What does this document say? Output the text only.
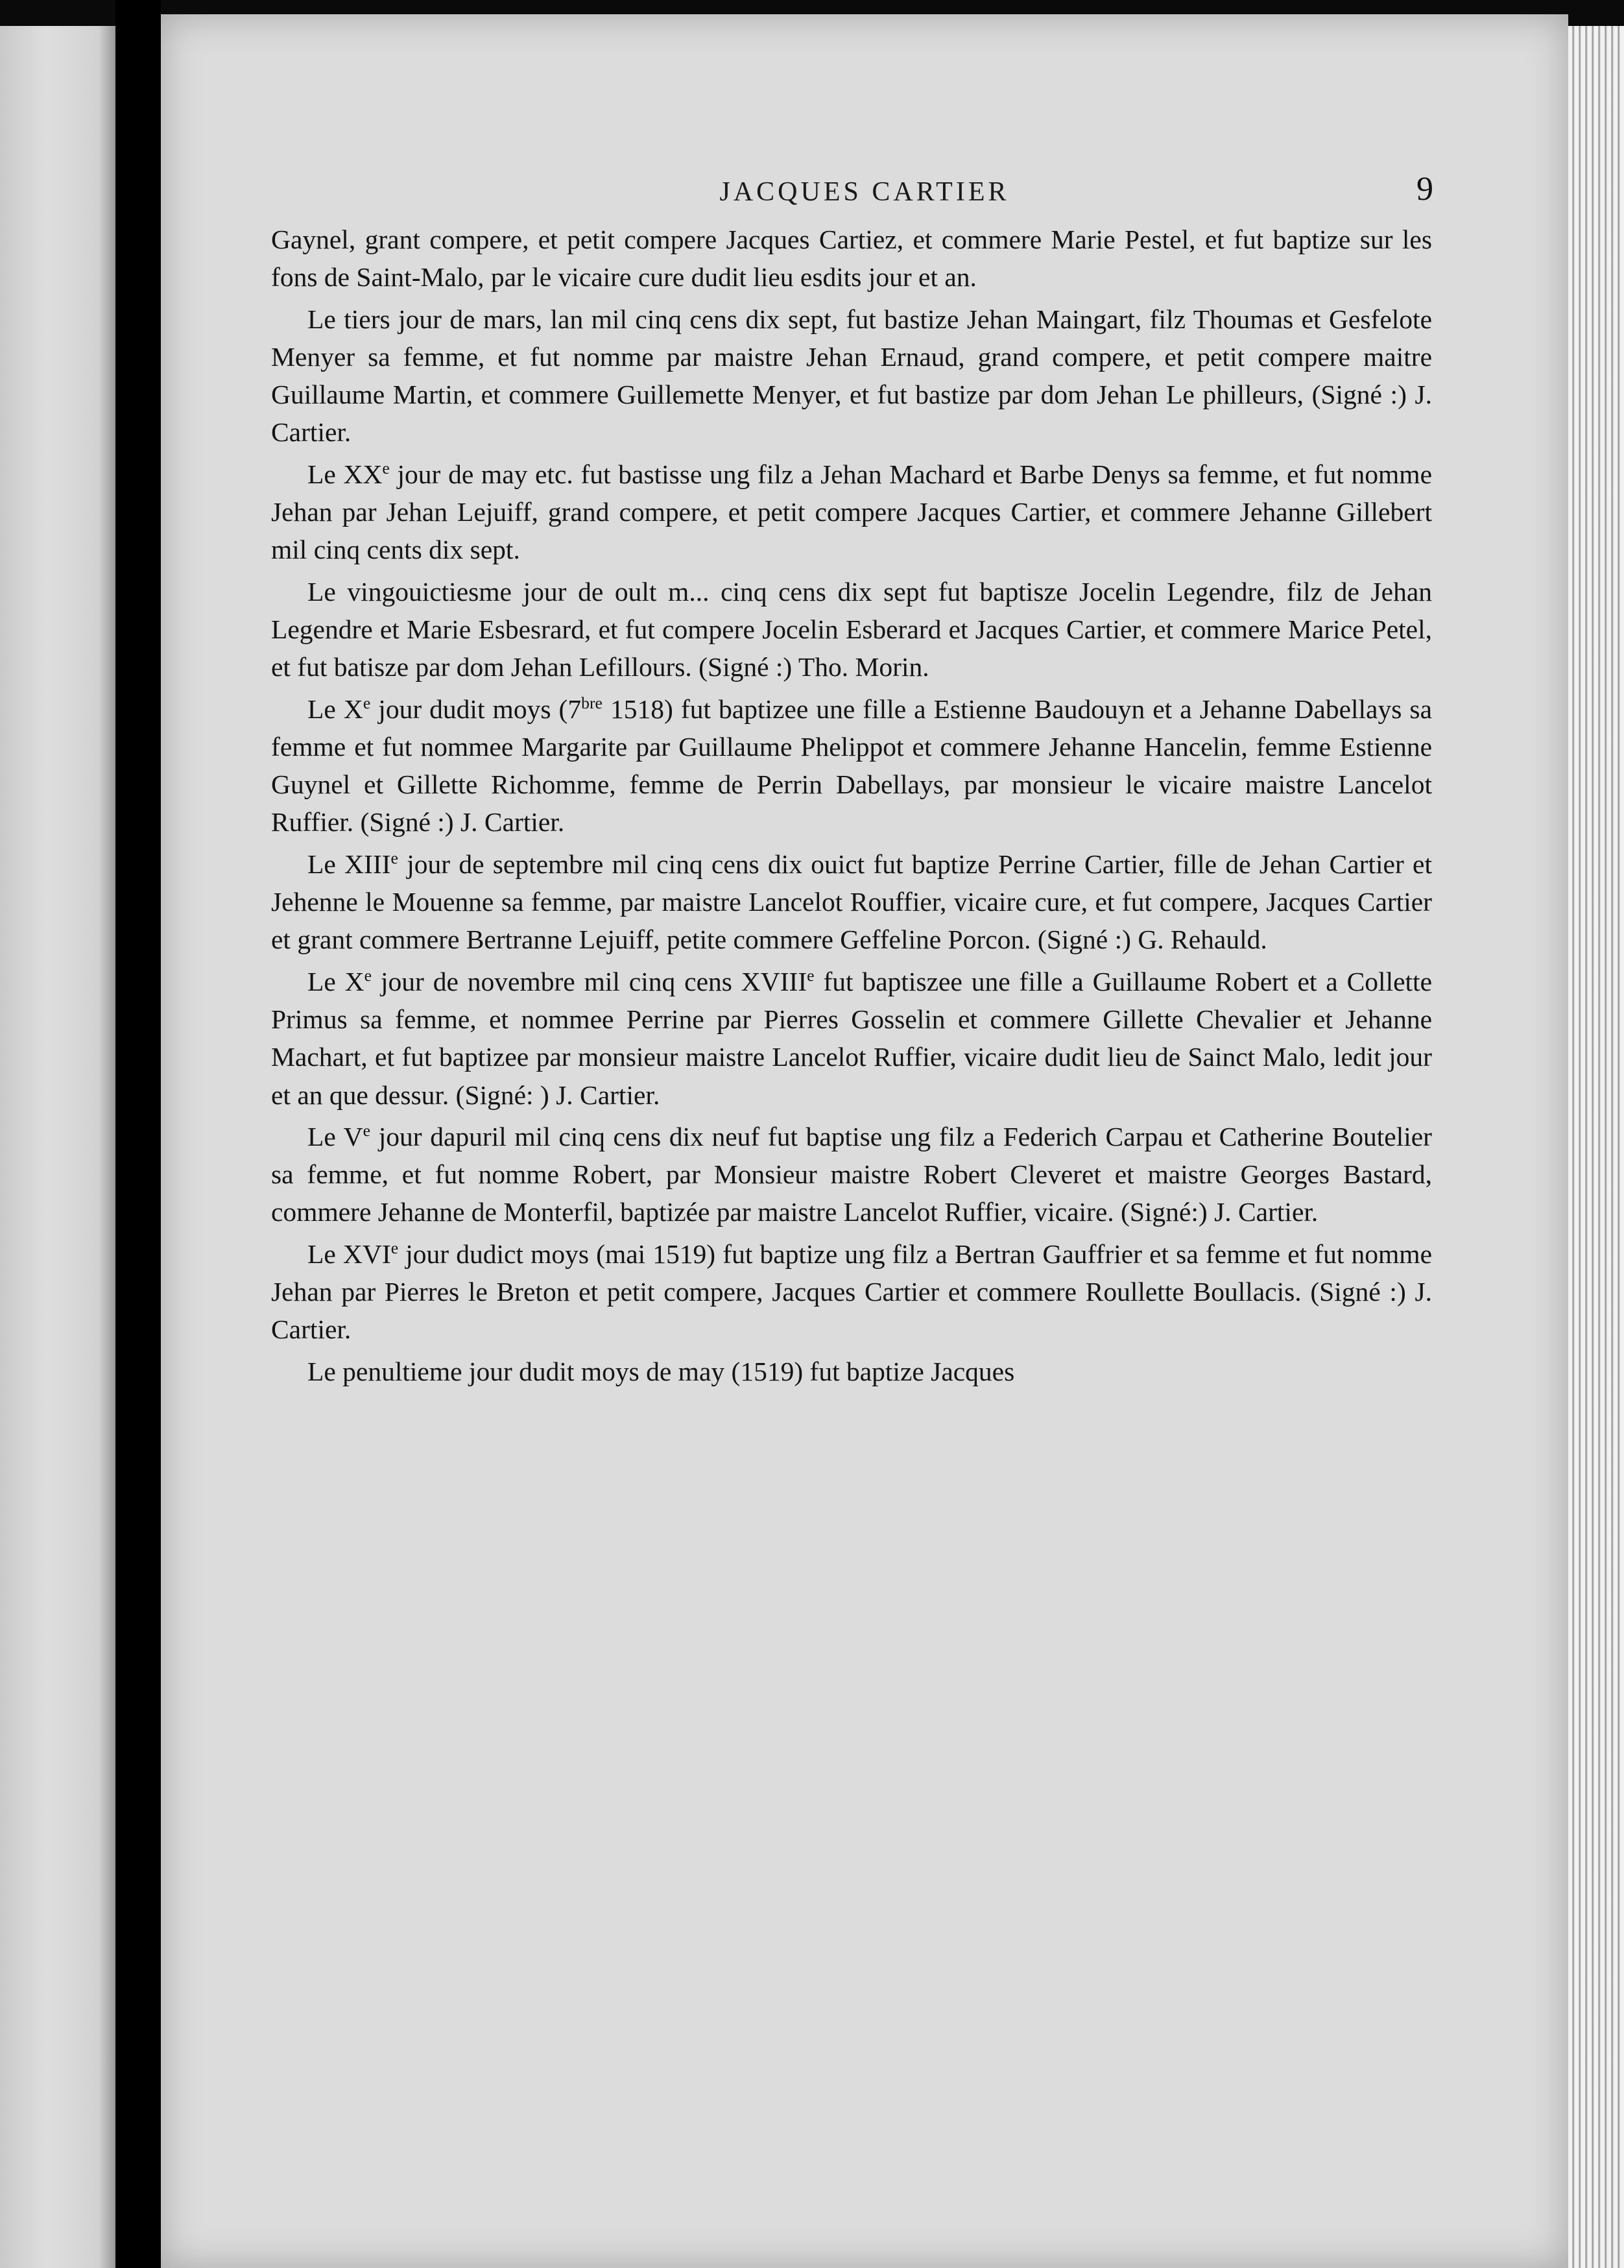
JACQUES CARTIER	9

Gaynel, grant compere, et petit compere Jacques Cartiez, et commere Marie Pestel, et fut baptize sur les fons de Saint-Malo, par le vicaire cure dudit lieu esdits jour et an.

Le tiers jour de mars, lan mil cinq cens dix sept, fut bastize Jehan Maingart, filz Thoumas et Gesfelote Menyer sa femme, et fut nomme par maistre Jehan Ernaud, grand compere, et petit compere maitre Guillaume Martin, et commere Guillemette Menyer, et fut bastize par dom Jehan Le philleurs, (Signé :) J. Cartier.

Le XXe jour de may etc. fut bastisse ung filz a Jehan Machard et Barbe Denys sa femme, et fut nomme Jehan par Jehan Lejuiff, grand compere, et petit compere Jacques Cartier, et commere Jehanne Gillebert mil cinq cents dix sept.

Le vingouictiesme jour de oult m... cinq cens dix sept fut baptisze Jocelin Legendre, filz de Jehan Legendre et Marie Esbesrard, et fut compere Jocelin Esberard et Jacques Cartier, et commere Marice Petel, et fut batisze par dom Jehan Lefillours. (Signé :) Tho. Morin.

Le Xe jour dudit moys ($7^{bre}$ 1518) fut baptizee une fille a Estienne Baudouyn et a Jehanne Dabellays sa femme et fut nommee Margarite par Guillaume Phelippot et commere Jehanne Hancelin, femme Estienne Guynel et Gillette Richomme, femme de Perrin Dabellays, par monsieur le vicaire maistre Lancelot Ruffier. (Signé :) J. Cartier.

Le XIIIe jour de septembre mil cinq cens dix ouict fut baptize Perrine Cartier, fille de Jehan Cartier et Jehenne le Mouenne sa femme, par maistre Lancelot Rouffier, vicaire cure, et fut compere, Jacques Cartier et grant commere Bertranne Lejuiff, petite commere Geffeline Porcon. (Signé :) G. Rehauld.

Le Xe jour de novembre mil cinq cens XVIIIe fut baptiszee une fille a Guillaume Robert et a Collette Primus sa femme, et nommee Perrine par Pierres Gosselin et commere Gillette Chevalier et Jehanne Machart, et fut baptizee par monsieur maistre Lancelot Ruffier, vicaire dudit lieu de Sainct Malo, ledit jour et an que dessur. (Signé: ) J. Cartier.

Le Ve jour dapuril mil cinq cens dix neuf fut baptise ung filz a Federich Carpau et Catherine Boutelier sa femme, et fut nomme Robert, par Monsieur maistre Robert Cleveret et maistre Georges Bastard, commere Jehanne de Monterfil, baptizée par maistre Lancelot Ruffier, vicaire. (Signé:) J. Cartier.

Le XVIe jour dudict moys (mai 1519) fut baptize ung filz a Bertran Gauffrier et sa femme et fut nomme Jehan par Pierres le Breton et petit compere, Jacques Cartier et commere Roullette Boullacis. (Signé :) J. Cartier.

Le penultieme jour dudit moys de may (1519) fut baptize Jacques
